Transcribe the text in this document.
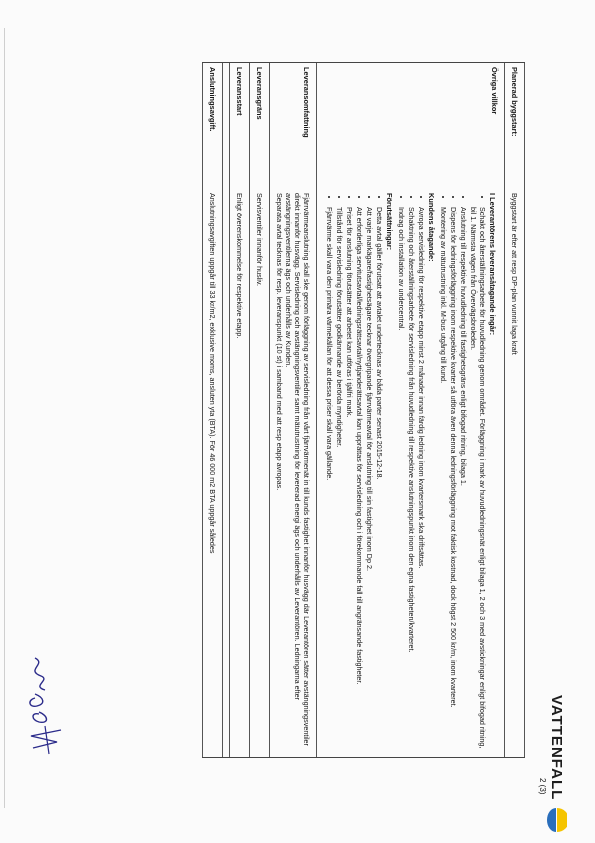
VATTENFALL
2 (3)
Planerad byggstart:
Byggstart är efter att resp DP-plan vunnit laga kraft
Övriga villkor
I Leverantörens leveransåtagande ingår:
• Schakt och återställningsarbete för huvudledning genom området. Förläggning i mark av huvudledningsnät enligt bilaga 1, 2 och 3 med avstickningar enligt bifogad ritning, bil 1. Närmsta vägen från Övervägsbroleden.
• Anslutning till respektive huvudledning till fastighetsgräns enligt bifogad ritning, bilaga 1.
• Dispens för ledningsförläggning inom respektive kvarter så utföra även denna ledningsförläggning mot faktisk kostnad, dock högst 2 500 kr/m, inom kvarteret.
• Montering av mätutrustning inkl. M-bus utgång till kund.
Kundens åtagande:
• Avropa servisledning för respektive etapp minst 2 månader innan färdig ledning inom kvartersmark ska driftsättas.
• Schaktning och återställningsarbete för servisledning från huvudledning till respektive anslutningspunkt inom den egna fastigheten/kvarteret.
• Indrag och installation av undercentral.
Förutsättningar:
• Detta avtal gäller förutsatt att avtalet undertecknas av båda parter senast 2015-12-18.
• Att varje markägare/fastighetsägare tecknar övergripande fjärrvärmeavtal för anslutning till sin fastighet inom Dp 2.
• Att erforderliga servitutsavtal/ledningsrättsavtal/nyttjanderättsavtal kan upprättas för servisledning och i förekommande fall till angränsande fastigheter.
• Priset för anslutning förutsätter att arbetet kan utföras i tjälfri mark.
• Tillstånd för servisledning förutsätter godkännande av berörda myndigheter.
• Fjärrvärme skall vara den primära värmekällan för att dessa priser skall vara gällande.
Leveransomfattning
Fjärrvärmeanslutning skall ske genom förläggning av servisledning från vårt fjärrvärmenät in till kunds fastighet innanför husvägg där Leverantören sätter avstängningsventiler direkt innanför husvägg. Servisledning och avstängningsventiler samt mätutrustning för levererad energi ägs och underhålls av Leverantören. Ledningarna efter avstängningsventilerna ägs och underhålls av Kunden.
Separata avtal tecknas för resp. leveranspunkt (10 st) i samband med att resp etapp avropas.
Leveransgräns
Servisventiler innanför husliv.
Leveransstart
Enligt överenskommelse för respektive etapp.
Anslutningsavgift.
Anslutningsavgiften uppgår till 33 kr/m2, exklusive moms, ansluten yta (BTA). För 46 000 m2 BTA uppgår således
